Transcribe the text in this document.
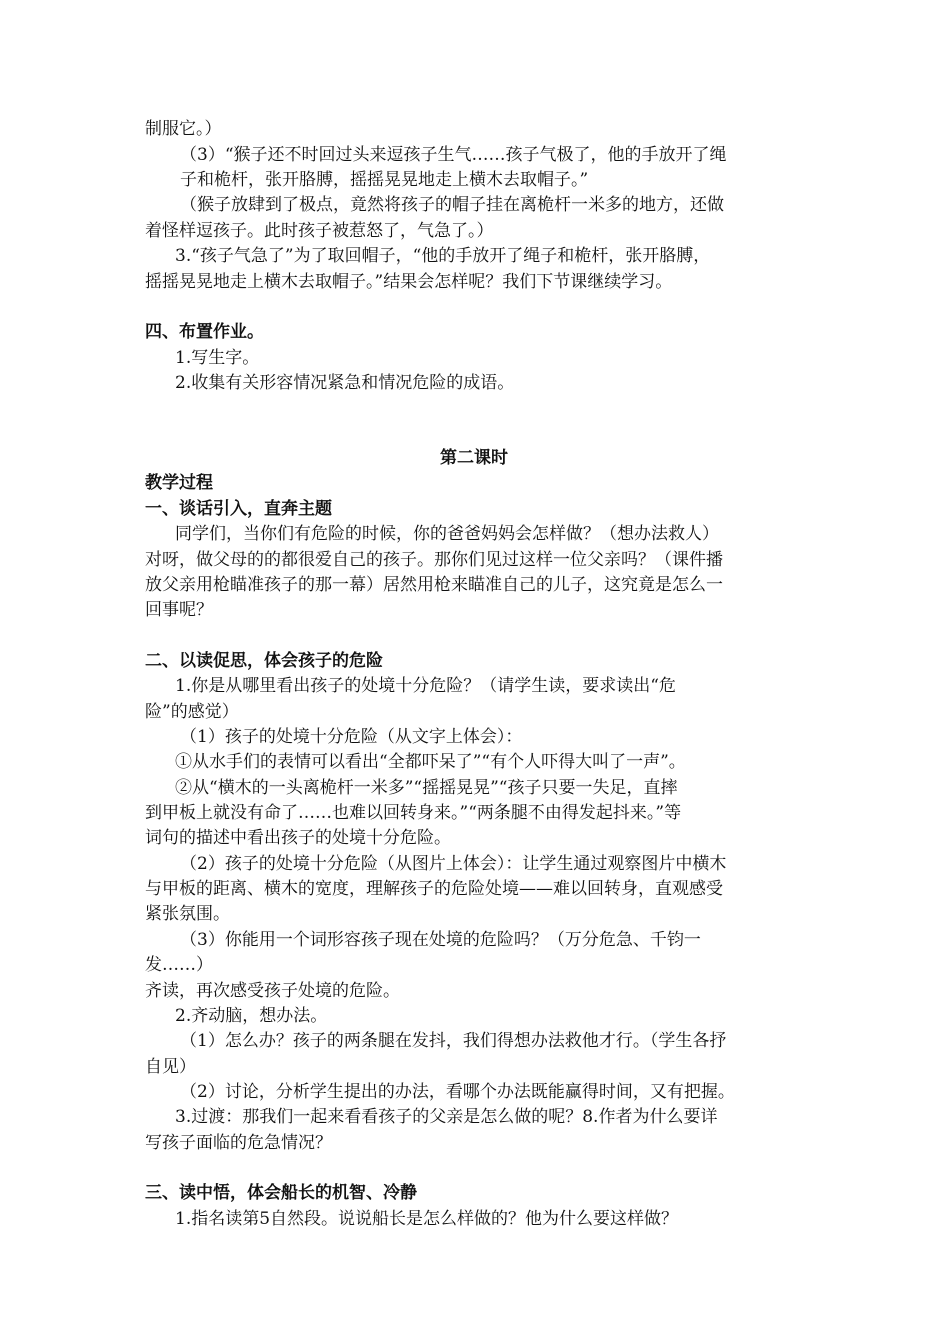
制服它。）
（3）“猴子还不时回过头来逗孩子生气……孩子气极了，他的手放开了绳
子和桅杆，张开胳膊，摇摇晃晃地走上横木去取帽子。”
（猴子放肆到了极点，竟然将孩子的帽子挂在离桅杆一米多的地方，还做
着怪样逗孩子。此时孩子被惹怒了，气急了。）
3.“孩子气急了”为了取回帽子，“他的手放开了绳子和桅杆，张开胳膊，
摇摇晃晃地走上横木去取帽子。”结果会怎样呢？我们下节课继续学习。
四、布置作业。
1.写生字。
2.收集有关形容情况紧急和情况危险的成语。
第二课时
教学过程
一、谈话引入，直奔主题
同学们，当你们有危险的时候，你的爸爸妈妈会怎样做？（想办法救人）
对呀，做父母的的都很爱自己的孩子。那你们见过这样一位父亲吗？（课件播
放父亲用枪瞄准孩子的那一幕）居然用枪来瞄准自己的儿子，这究竟是怎么一
回事呢？
二、以读促思，体会孩子的危险
1.你是从哪里看出孩子的处境十分危险？（请学生读，要求读出“危
险”的感觉）
（1）孩子的处境十分危险（从文字上体会）：
①从水手们的表情可以看出“全都吓呆了”“有个人吓得大叫了一声”。
②从“横木的一头离桅杆一米多”“摇摇晃晃”“孩子只要一失足，直摔
到甲板上就没有命了……也难以回转身来。”“两条腿不由得发起抖来。”等
词句的描述中看出孩子的处境十分危险。
（2）孩子的处境十分危险（从图片上体会）：让学生通过观察图片中横木
与甲板的距离、横木的宽度，理解孩子的危险处境——难以回转身，直观感受
紧张氛围。
（3）你能用一个词形容孩子现在处境的危险吗？（万分危急、千钧一
发……）
齐读，再次感受孩子处境的危险。
2.齐动脑，想办法。
（1）怎么办？孩子的两条腿在发抖，我们得想办法救他才行。（学生各抒
自见）
（2）讨论，分析学生提出的办法，看哪个办法既能赢得时间，又有把握。
3.过渡：那我们一起来看看孩子的父亲是怎么做的呢？8.作者为什么要详
写孩子面临的危急情况？
三、读中悟，体会船长的机智、冷静
1.指名读第5自然段。说说船长是怎么样做的？他为什么要这样做？
